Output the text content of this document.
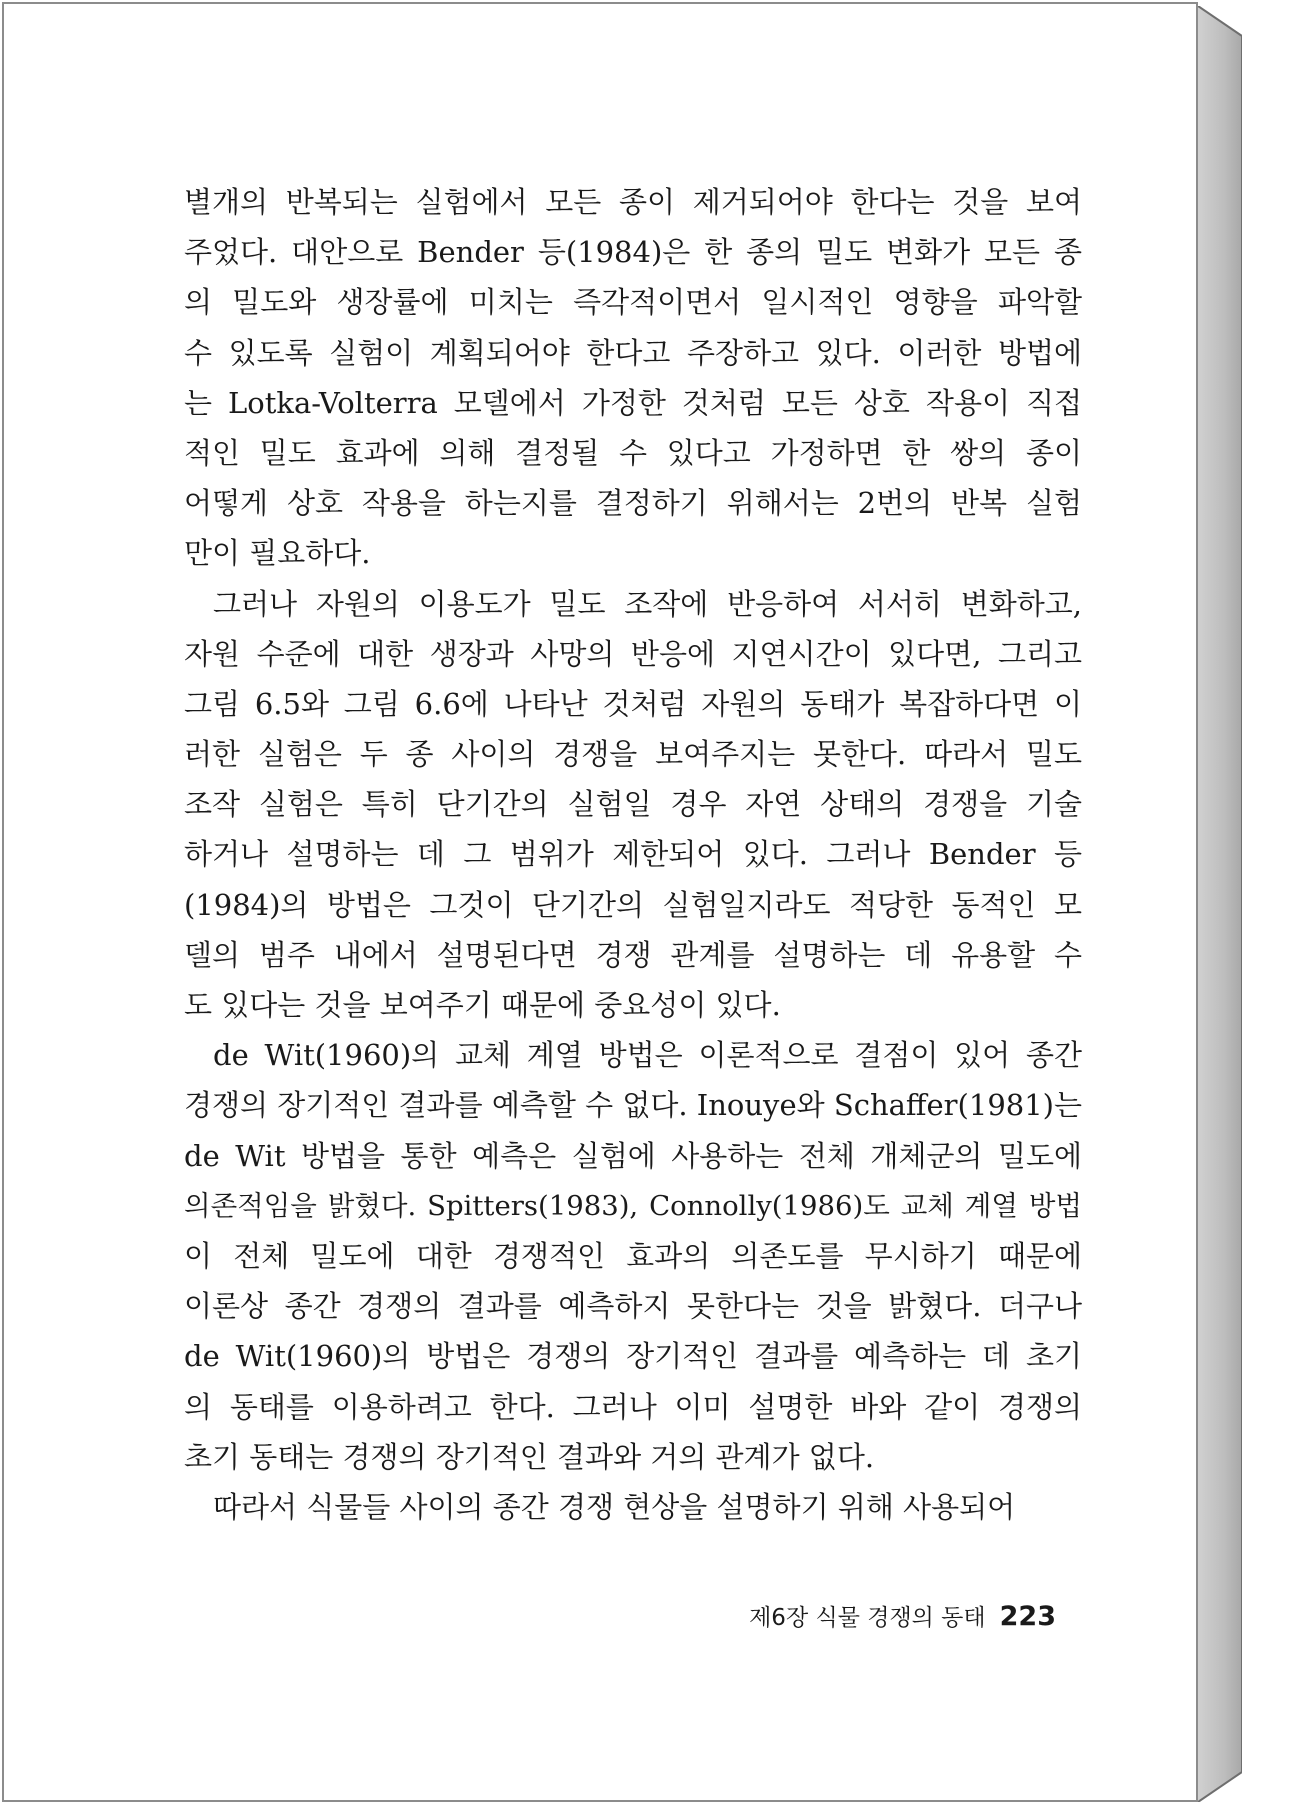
별개의 반복되는 실험에서 모든 종이 제거되어야 한다는 것을 보여
주었다. 대안으로 Bender 등(1984)은 한 종의 밀도 변화가 모든 종
의 밀도와 생장률에 미치는 즉각적이면서 일시적인 영향을 파악할
수 있도록 실험이 계획되어야 한다고 주장하고 있다. 이러한 방법에
는 Lotka-Volterra 모델에서 가정한 것처럼 모든 상호 작용이 직접
적인 밀도 효과에 의해 결정될 수 있다고 가정하면 한 쌍의 종이
어떻게 상호 작용을 하는지를 결정하기 위해서는 2번의 반복 실험
만이 필요하다.
그러나 자원의 이용도가 밀도 조작에 반응하여 서서히 변화하고,
자원 수준에 대한 생장과 사망의 반응에 지연시간이 있다면, 그리고
그림 6.5와 그림 6.6에 나타난 것처럼 자원의 동태가 복잡하다면 이
러한 실험은 두 종 사이의 경쟁을 보여주지는 못한다. 따라서 밀도
조작 실험은 특히 단기간의 실험일 경우 자연 상태의 경쟁을 기술
하거나 설명하는 데 그 범위가 제한되어 있다. 그러나 Bender 등
(1984)의 방법은 그것이 단기간의 실험일지라도 적당한 동적인 모
델의 범주 내에서 설명된다면 경쟁 관계를 설명하는 데 유용할 수
도 있다는 것을 보여주기 때문에 중요성이 있다.
de Wit(1960)의 교체 계열 방법은 이론적으로 결점이 있어 종간
경쟁의 장기적인 결과를 예측할 수 없다. Inouye와 Schaffer(1981)는
de Wit 방법을 통한 예측은 실험에 사용하는 전체 개체군의 밀도에
의존적임을 밝혔다. Spitters(1983), Connolly(1986)도 교체 계열 방법
이 전체 밀도에 대한 경쟁적인 효과의 의존도를 무시하기 때문에
이론상 종간 경쟁의 결과를 예측하지 못한다는 것을 밝혔다. 더구나
de Wit(1960)의 방법은 경쟁의 장기적인 결과를 예측하는 데 초기
의 동태를 이용하려고 한다. 그러나 이미 설명한 바와 같이 경쟁의
초기 동태는 경쟁의 장기적인 결과와 거의 관계가 없다.
따라서 식물들 사이의 종간 경쟁 현상을 설명하기 위해 사용되어
제6장 식물 경쟁의 동태 223
